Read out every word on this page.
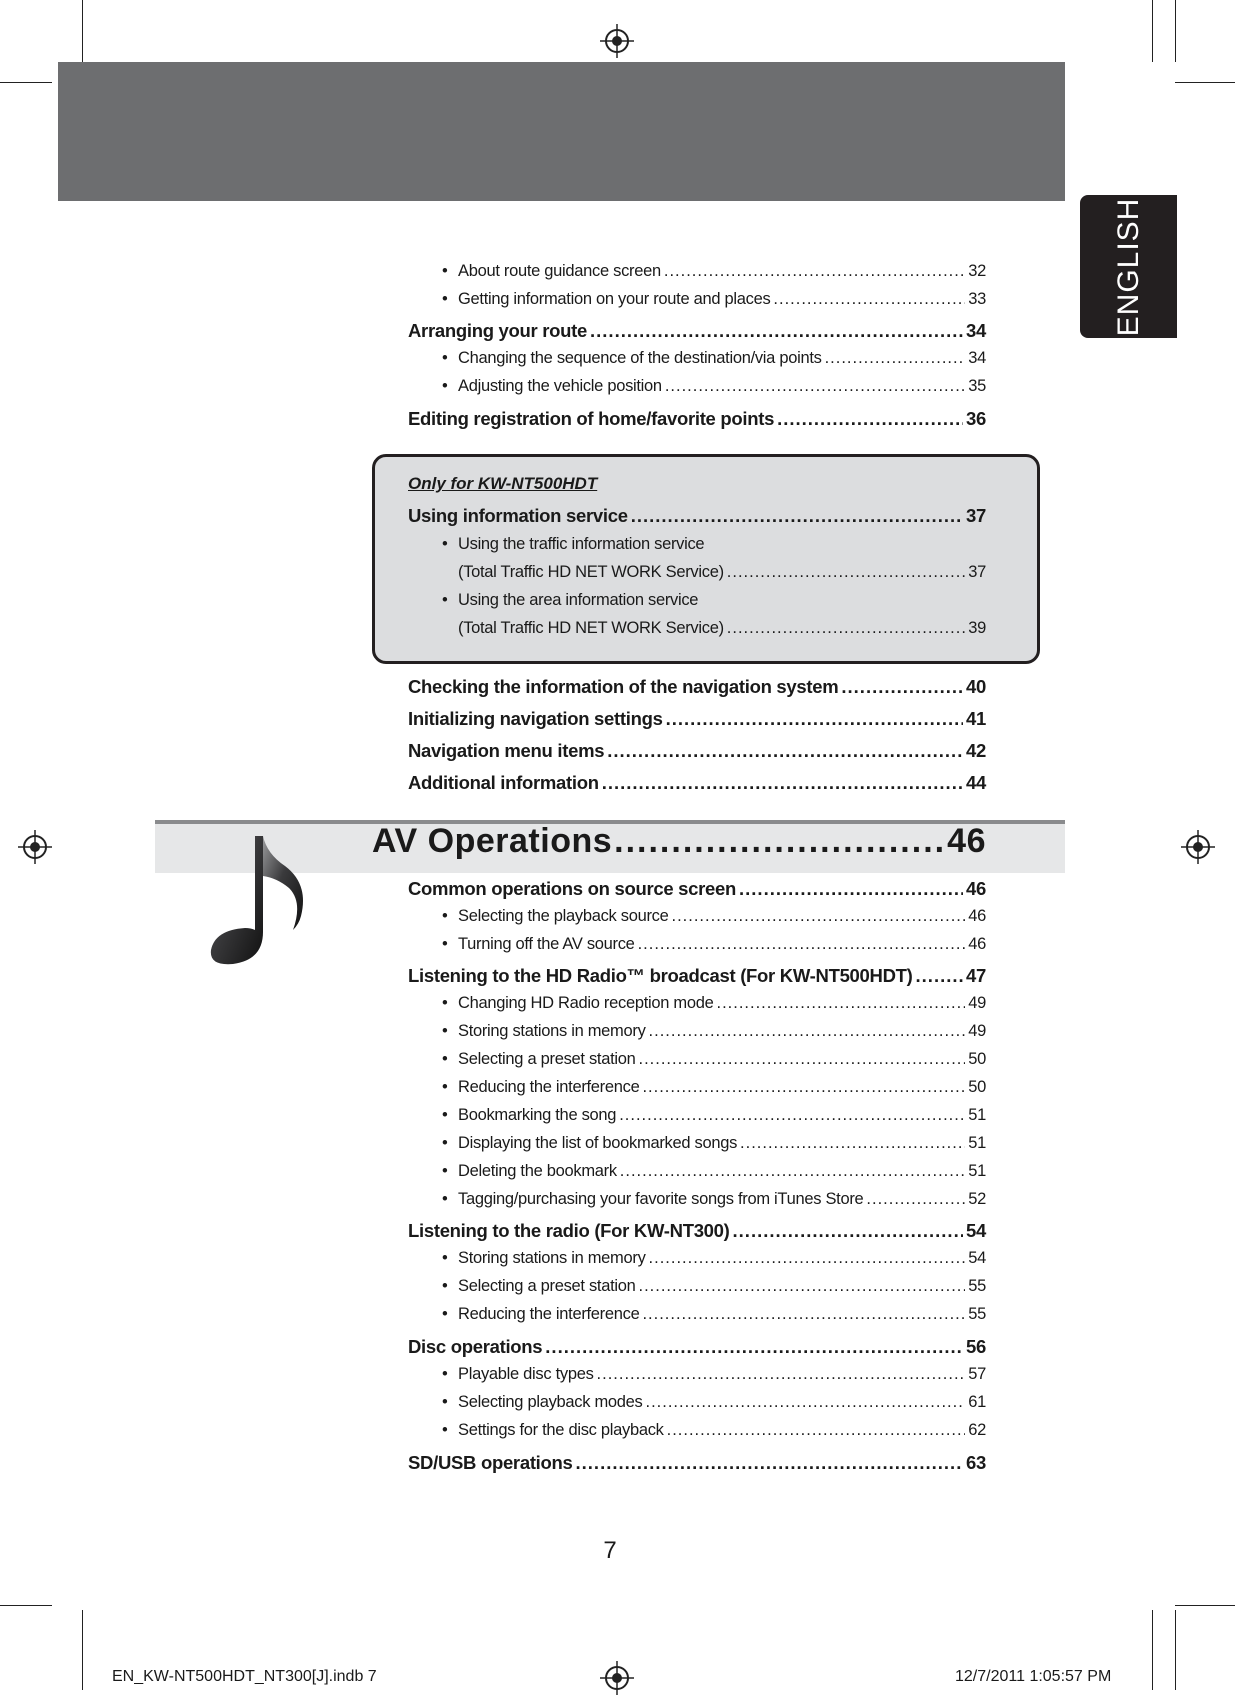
ENGLISH
• About route guidance screen .....	32
• Getting information on your route and places .....	33
Arranging your route .....	34
• Changing the sequence of the destination/via points .....	34
• Adjusting the vehicle position .....	35
Editing registration of home/favorite points .....	36
Only for KW-NT500HDT
Using information service .....	37
• Using the traffic information service
(Total Traffic HD NET WORK Service) .....	37
• Using the area information service
(Total Traffic HD NET WORK Service) .....	39
Checking the information of the navigation system .....	40
Initializing navigation settings .....	41
Navigation menu items .....	42
Additional information .....	44
AV Operations .....	46
Common operations on source screen .....	46
• Selecting the playback source .....	46
• Turning off the AV source .....	46
Listening to the HD Radio™ broadcast (For KW-NT500HDT) .....	47
• Changing HD Radio reception mode .....	49
• Storing stations in memory .....	49
• Selecting a preset station .....	50
• Reducing the interference .....	50
• Bookmarking the song .....	51
• Displaying the list of bookmarked songs .....	51
• Deleting the bookmark .....	51
• Tagging/purchasing your favorite songs from iTunes Store .....	52
Listening to the radio (For KW-NT300) .....	54
• Storing stations in memory .....	54
• Selecting a preset station .....	55
• Reducing the interference .....	55
Disc operations .....	56
• Playable disc types .....	57
• Selecting playback modes .....	61
• Settings for the disc playback .....	62
SD/USB operations .....	63
7
EN_KW-NT500HDT_NT300[J].indb 7	12/7/2011 1:05:57 PM
